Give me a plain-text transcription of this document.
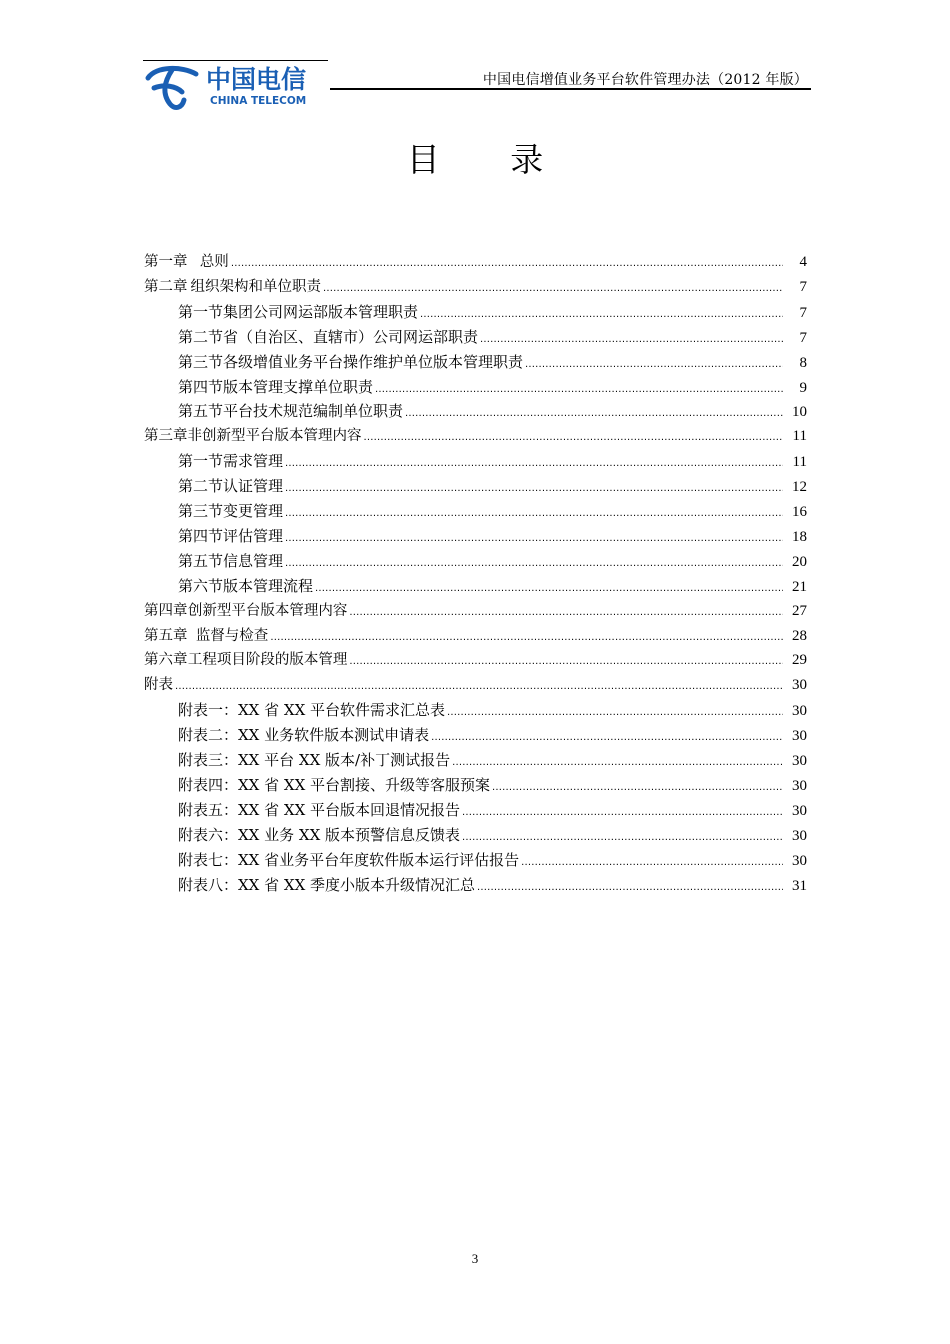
中国电信
CHINA TELECOM
中国电信增值业务平台软件管理办法（2012 年版）
目 录
第一章 总则 .....	4
第二章 组织架构和单位职责 .....	7
第一节 集团公司网运部版本管理职责 .....	7
第二节 省（自治区、直辖市）公司网运部职责 .....	7
第三节 各级增值业务平台操作维护单位版本管理职责 .....	8
第四节 版本管理支撑单位职责 .....	9
第五节 平台技术规范编制单位职责 .....	10
第三章 非创新型平台版本管理内容 .....	11
第一节 需求管理 .....	11
第二节 认证管理 .....	12
第三节 变更管理 .....	16
第四节 评估管理 .....	18
第五节 信息管理 .....	20
第六节 版本管理流程 .....	21
第四章 创新型平台版本管理内容 .....	27
第五章 监督与检查 .....	28
第六章 工程项目阶段的版本管理 .....	29
附表 .....	30
附表一：XX 省 XX 平台软件需求汇总表 .....	30
附表二：XX 业务软件版本测试申请表 .....	30
附表三：XX 平台 XX 版本/补丁测试报告 .....	30
附表四：XX 省 XX 平台割接、升级等客服预案 .....	30
附表五：XX 省 XX 平台版本回退情况报告 .....	30
附表六：XX 业务 XX 版本预警信息反馈表 .....	30
附表七：XX 省业务平台年度软件版本运行评估报告 .....	30
附表八：XX 省 XX 季度小版本升级情况汇总 .....	31
3
